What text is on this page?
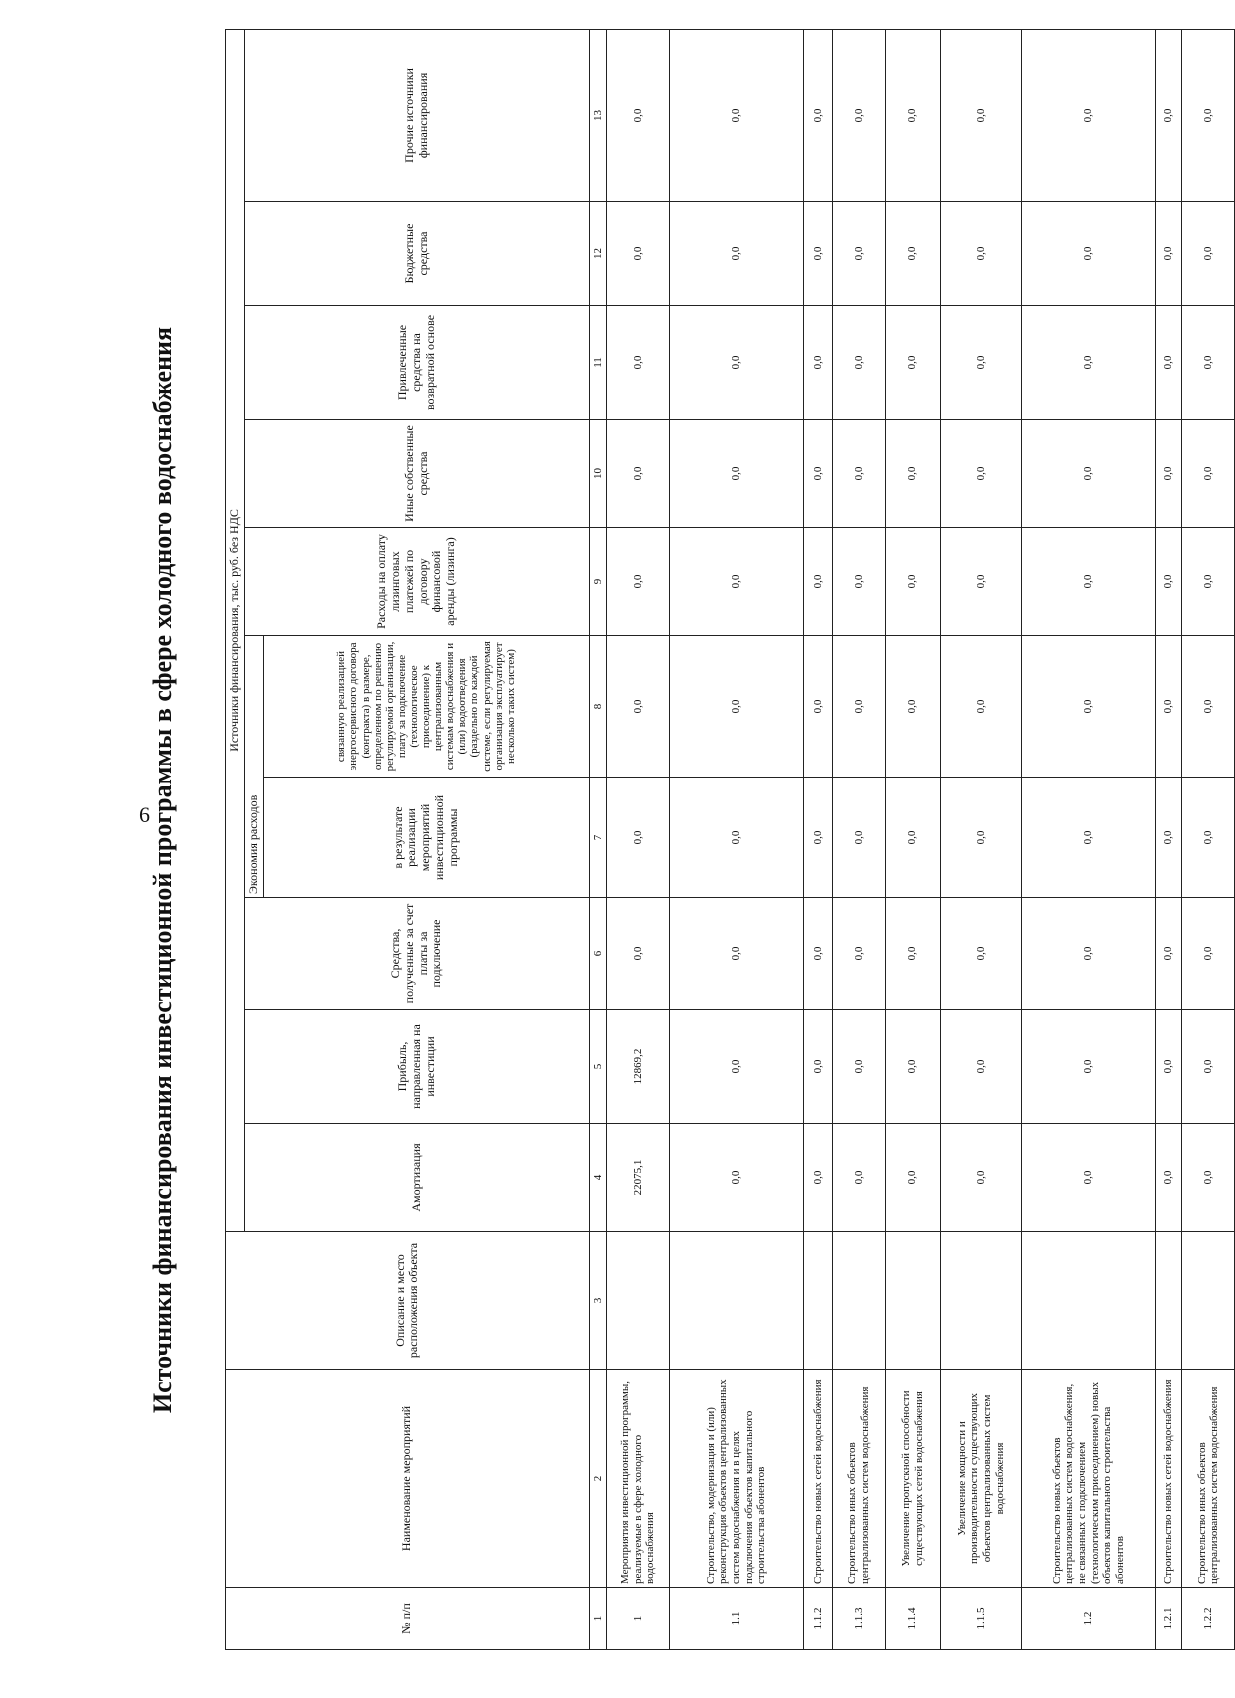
6
Источники финансирования инвестиционной программы в сфере холодного водоснабжения
№ п/п	Наименование мероприятий	Описание и место расположения объекта	Источники финансирования, тыс. руб. без НДС									
			Амортизация	Прибыль, направленная на инвестиции	Средства, полученные за счет платы за подключение	Экономия расходов		Расходы на оплату лизинговых платежей по договору финансовой аренды (лизинга)	Иные собственные средства	Привлеченные средства на возвратной основе	Бюджетные средства	Прочие источники финансирования
						в результате реализации мероприятий инвестиционной программы	связанную реализацией энергосервисного договора (контракта) в размере, определенном по решению регулируемой организации, плату за подключение (технологическое присоединение) к централизованным системам водоснабжения и (или) водоотведения (раздельно по каждой системе, если регулируемая организация эксплуатирует несколько таких систем)					
1	2	3	4	5	6	7	8	9	10	11	12	13
1	Мероприятия инвестиционной программы, реализуемые в сфере холодного водоснабжения		22075,1	12869,2	0,0	0,0	0,0	0,0	0,0	0,0	0,0	0,0
1.1	Строительство, модернизация и (или) реконструкция объектов централизованных систем водоснабжения и в целях подключения объектов капитального строительства абонентов		0,0	0,0	0,0	0,0	0,0	0,0	0,0	0,0	0,0	0,0
1.1.2	Строительство новых сетей водоснабжения		0,0	0,0	0,0	0,0	0,0	0,0	0,0	0,0	0,0	0,0
1.1.3	Строительство иных объектов централизованных систем водоснабжения		0,0	0,0	0,0	0,0	0,0	0,0	0,0	0,0	0,0	0,0
1.1.4	Увеличение пропускной способности существующих сетей водоснабжения		0,0	0,0	0,0	0,0	0,0	0,0	0,0	0,0	0,0	0,0
1.1.5	Увеличение мощности и производительности существующих объектов централизованных систем водоснабжения		0,0	0,0	0,0	0,0	0,0	0,0	0,0	0,0	0,0	0,0
1.2	Строительство новых объектов централизованных систем водоснабжения, не связанных с подключением (технологическим присоединением) новых объектов капитального строительства абонентов		0,0	0,0	0,0	0,0	0,0	0,0	0,0	0,0	0,0	0,0
1.2.1	Строительство новых сетей водоснабжения		0,0	0,0	0,0	0,0	0,0	0,0	0,0	0,0	0,0	0,0
1.2.2	Строительство иных объектов централизованных систем водоснабжения		0,0	0,0	0,0	0,0	0,0	0,0	0,0	0,0	0,0	0,0
